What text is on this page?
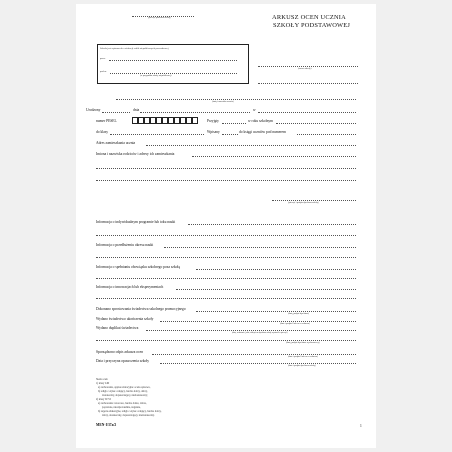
(pieczęć podłużna szkoły)	ARKUSZ OCEN UCZNIA
SZKOŁY PODSTAWOWEJ
Szkoła jest wpisana do ewidencji szkół niepublicznych prowadzonej
przez
pod nr
(w przypadku szkoły niepublicznej)
(nazwa szkoły)
(imię i nazwisko ucznia)
Urodzony	dnia	w
numer PESEL	Przyjęty	w roku szkolnym
do klasy	Wpisany	do księgi uczniów pod numerem
Adres zamieszkania ucznia
Imiona i nazwiska rodziców i adresy ich zamieszkania
(pieczęć i podpis dyrektora szkoły)
Informacja o indywidualnym programie lub toku nauki
Informacja o przedłużeniu okresu nauki
Informacja o spełnianiu obowiązku szkolnego poza szkołą
Informacja o innowacjach lub eksperymentach
Dokonano sprostowania świadectwa szkolnego promocyjnego
(data, podpis dyrektora)
Wydano świadectwo ukończenia szkoły
(data i podpis k'ulecza w arkuszu)
Wydano duplikat świadectwa
(data, wskazanie: jakie; odkryciem dyrektora szkoły wystawił w pieczęć)
(data, podpis dyrektora wychowawcy)
Sporządzono odpis arkusza ocen
(data i podpis k'ulecza w arkuszu)
Data i przyczyna opuszczenia szkoły
(data i podpis dyrektora szkoły)
Skala ocen:
1) klasy I-III
a) zachowanie, oppisa relatacyjne: ocena opisowa,
b) religia / etyka: celujący, bardzo dobry, dobry,
dostateczny, dopuszczający, niedostateczny;
2) klasy IV-VI
a) zachowanie: wzorowe, bardzo dobre, dobre,
poprawne, nieodpowiednie, naganne,
b) zajęcia edukacyjne, religia / etyka: celujący, bardzo dobry,
dobry, dostateczny, dopuszczający, niedostateczny.
MEN-I/37a/2	1
